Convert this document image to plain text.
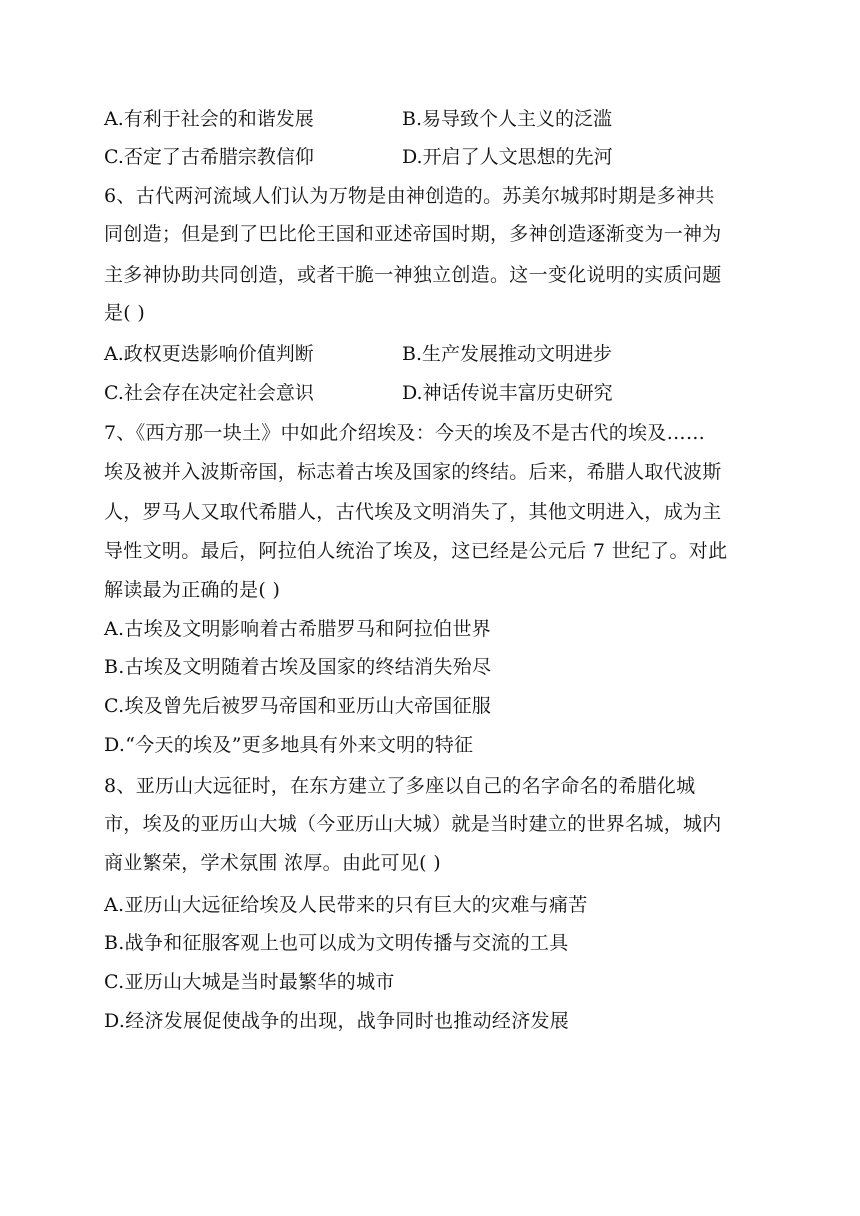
A.有利于社会的和谐发展	B.易导致个人主义的泛滥
C.否定了古希腊宗教信仰	D.开启了人文思想的先河
6、古代两河流域人们认为万物是由神创造的。苏美尔城邦时期是多神共
同创造；但是到了巴比伦王国和亚述帝国时期，多神创造逐渐变为一神为
主多神协助共同创造，或者干脆一神独立创造。这一变化说明的实质问题
是( )
A.政权更迭影响价值判断	B.生产发展推动文明进步
C.社会存在决定社会意识	D.神话传说丰富历史研究
7、《西方那一块土》中如此介绍埃及：今天的埃及不是古代的埃及……
埃及被并入波斯帝国，标志着古埃及国家的终结。后来，希腊人取代波斯
人，罗马人又取代希腊人，古代埃及文明消失了，其他文明进入，成为主
导性文明。最后，阿拉伯人统治了埃及，这已经是公元后 7 世纪了。对此
解读最为正确的是( )
A.古埃及文明影响着古希腊罗马和阿拉伯世界
B.古埃及文明随着古埃及国家的终结消失殆尽
C.埃及曾先后被罗马帝国和亚历山大帝国征服
D.“今天的埃及”更多地具有外来文明的特征
8、亚历山大远征时，在东方建立了多座以自己的名字命名的希腊化城
市，埃及的亚历山大城（今亚历山大城）就是当时建立的世界名城，城内
商业繁荣，学术氛围 浓厚。由此可见( )
A.亚历山大远征给埃及人民带来的只有巨大的灾难与痛苦
B.战争和征服客观上也可以成为文明传播与交流的工具
C.亚历山大城是当时最繁华的城市
D.经济发展促使战争的出现，战争同时也推动经济发展
